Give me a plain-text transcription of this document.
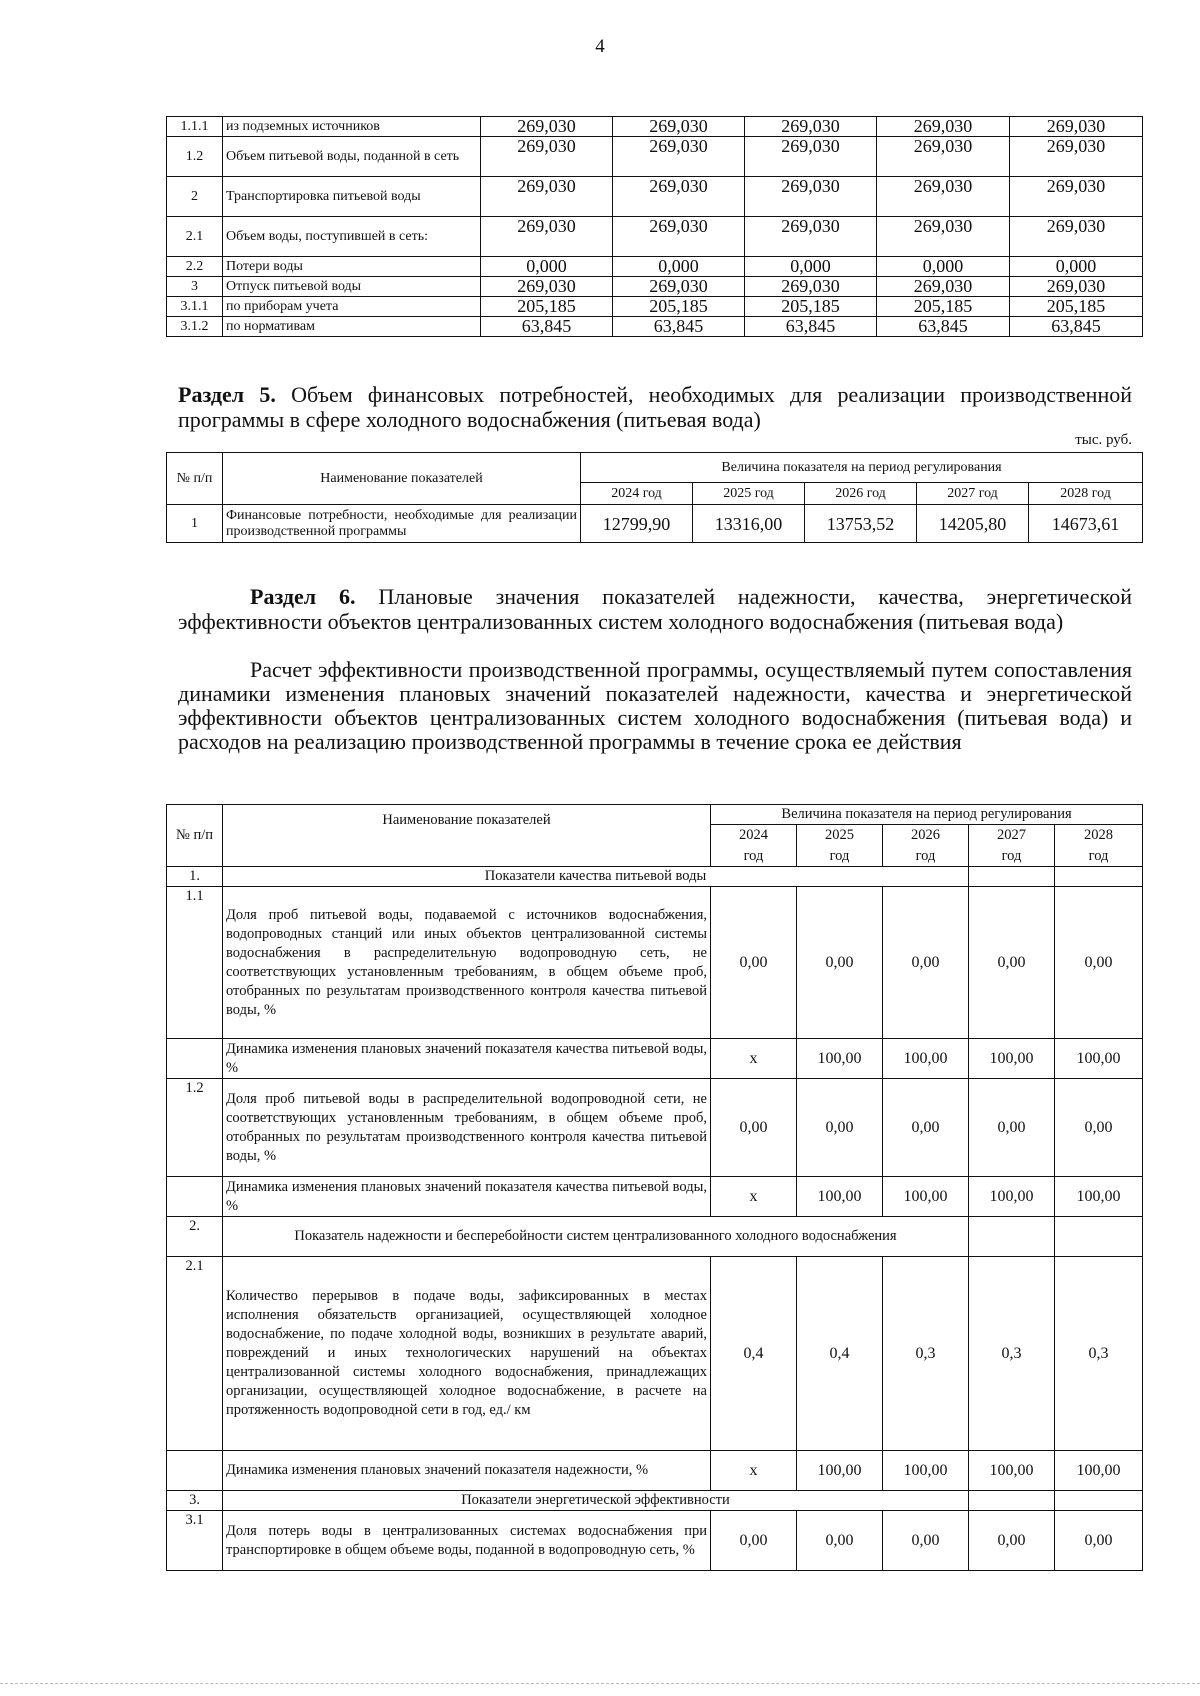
4
1.1.1	из подземных источников	269,030	269,030	269,030	269,030	269,030
1.2	Объем питьевой воды, поданной в сеть	269,030	269,030	269,030	269,030	269,030
2	Транспортировка питьевой воды	269,030	269,030	269,030	269,030	269,030
2.1	Объем воды, поступившей в сеть:	269,030	269,030	269,030	269,030	269,030
2.2	Потери воды	0,000	0,000	0,000	0,000	0,000
3	Отпуск питьевой воды	269,030	269,030	269,030	269,030	269,030
3.1.1	по приборам учета	205,185	205,185	205,185	205,185	205,185
3.1.2	по нормативам	63,845	63,845	63,845	63,845	63,845
Раздел 5. Объем финансовых потребностей, необходимых для реализации производственной программы в сфере холодного водоснабжения (питьевая вода)
тыс. руб.
№ п/п	Наименование показателей	Величина показателя на период регулирования				
		2024 год	2025 год	2026 год	2027 год	2028 год
1	Финансовые потребности, необходимые для реализации производственной программы	12799,90	13316,00	13753,52	14205,80	14673,61
Раздел 6. Плановые значения показателей надежности, качества, энергетической эффективности объектов централизованных систем холодного водоснабжения (питьевая вода)
Расчет эффективности производственной программы, осуществляемый путем сопоставления динамики изменения плановых значений показателей надежности, качества и энергетической эффективности объектов централизованных систем холодного водоснабжения (питьевая вода) и расходов на реализацию производственной программы в течение срока ее действия
№ п/п	Наименование показателей	Величина показателя на период регулирования				
		2024	2025	2026	2027	2028
		год	год	год	год	год
1.	Показатели качества питьевой воды					
1.1	Доля проб питьевой воды, подаваемой с источников водоснабжения, водопроводных станций или иных объектов централизованной системы водоснабжения в распределительную водопроводную сеть, не соответствующих установленным требованиям, в общем объеме проб, отобранных по результатам производственного контроля качества питьевой воды, %	0,00	0,00	0,00	0,00	0,00
	Динамика изменения плановых значений показателя качества питьевой воды, %	х	100,00	100,00	100,00	100,00
1.2	Доля проб питьевой воды в распределительной водопроводной сети, не соответствующих установленным требованиям, в общем объеме проб, отобранных по результатам производственного контроля качества питьевой воды, %	0,00	0,00	0,00	0,00	0,00
	Динамика изменения плановых значений показателя качества питьевой воды, %	х	100,00	100,00	100,00	100,00
2.	Показатель надежности и бесперебойности систем централизованного холодного водоснабжения					
2.1	Количество перерывов в подаче воды, зафиксированных в местах исполнения обязательств организацией, осуществляющей холодное водоснабжение, по подаче холодной воды, возникших в результате аварий, повреждений и иных технологических нарушений на объектах централизованной системы холодного водоснабжения, принадлежащих организации, осуществляющей холодное водоснабжение, в расчете на протяженность водопроводной сети в год, ед./ км	0,4	0,4	0,3	0,3	0,3
	Динамика изменения плановых значений показателя надежности, %	х	100,00	100,00	100,00	100,00
3.	Показатели энергетической эффективности					
3.1	Доля потерь воды в централизованных системах водоснабжения при транспортировке в общем объеме воды, поданной в водопроводную сеть, %	0,00	0,00	0,00	0,00	0,00
